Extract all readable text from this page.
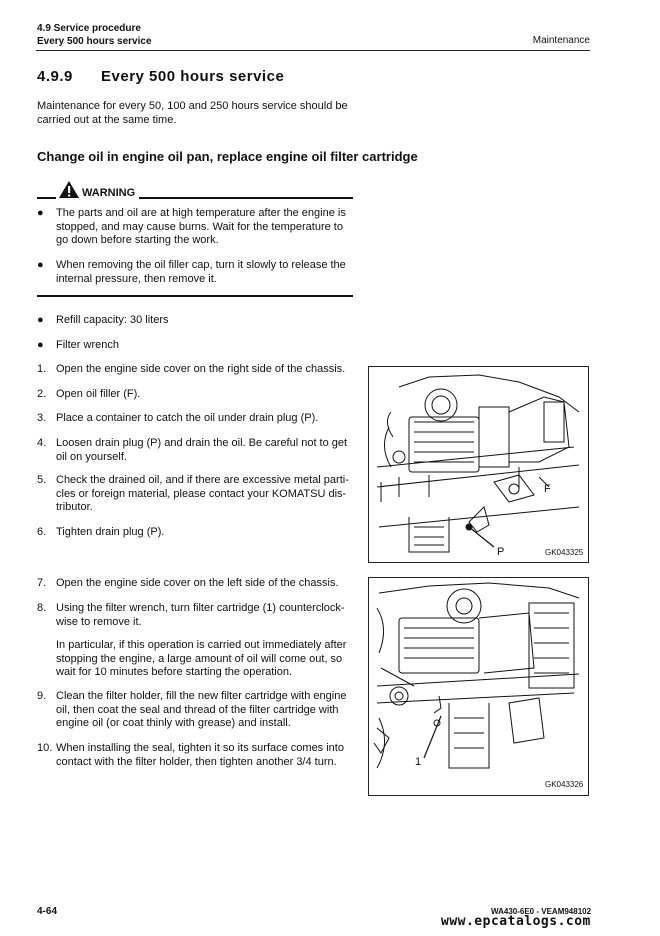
4.9 Service procedure
Every 500 hours service	Maintenance
4.9.9 Every 500 hours service
Maintenance for every 50, 100 and 250 hours service should be carried out at the same time.
Change oil in engine oil pan, replace engine oil filter cartridge
WARNING
●	The parts and oil are at high temperature after the engine is stopped, and may cause burns. Wait for the temperature to go down before starting the work.
●	When removing the oil filler cap, turn it slowly to release the internal pressure, then remove it.
●	Refill capacity: 30 liters
●	Filter wrench
1. Open the engine side cover on the right side of the chassis.
2. Open oil filler (F).
3. Place a container to catch the oil under drain plug (P).
4. Loosen drain plug (P) and drain the oil. Be careful not to get oil on yourself.
5. Check the drained oil, and if there are excessive metal parti-cles or foreign material, please contact your KOMATSU dis-tributor.
6. Tighten drain plug (P).
7. Open the engine side cover on the left side of the chassis.
8. Using the filter wrench, turn filter cartridge (1) counterclock-wise to remove it.
In particular, if this operation is carried out immediately after stopping the engine, a large amount of oil will come out, so wait for 10 minutes before starting the operation.
9. Clean the filter holder, fill the new filter cartridge with engine oil, then coat the seal and thread of the filter cartridge with engine oil (or coat thinly with grease) and install.
10. When installing the seal, tighten it so its surface comes into contact with the filter holder, then tighten another 3/4 turn.
F
P	GK043325
1
GK043326
4-64	WA430-6E0 - VEAM948102
www.epcatalogs.com
